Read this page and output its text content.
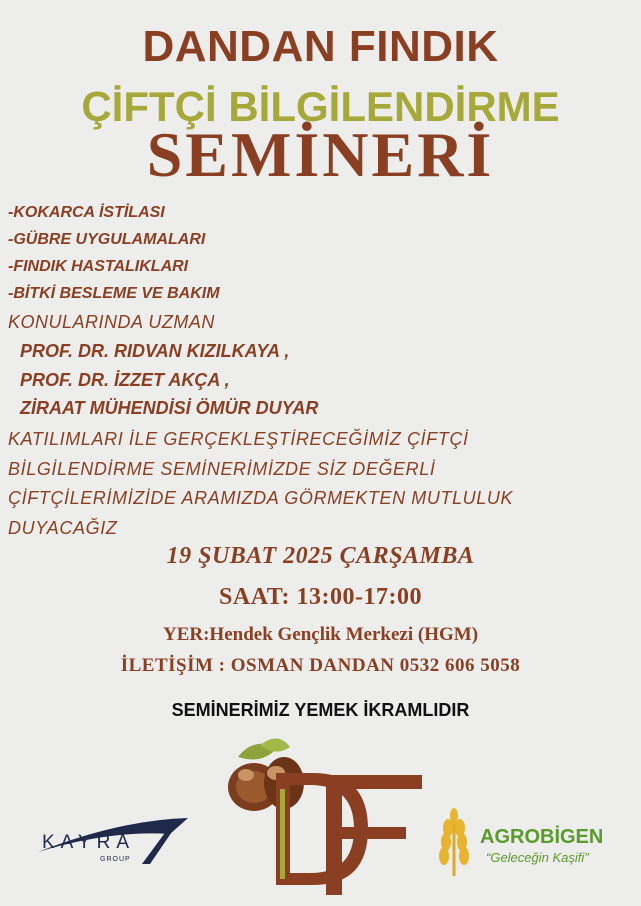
DANDAN FINDIK
SEMİNERİ
ÇİFTÇİ BİLGİLENDİRME
-KOKARCA İSTİLASI
-GÜBRE UYGULAMALARI
-FINDIK HASTALIKLARI
-BİTKİ BESLEME VE BAKIM
KONULARINDA UZMAN
PROF. DR. RIDVAN KIZILKAYA ,
PROF. DR. İZZET AKÇA ,
ZİRAAT MÜHENDİSİ ÖMÜR DUYAR
KATILIMLARI İLE GERÇEKLEŞTİRECEĞİMİZ ÇİFTÇİ
BİLGİLENDİRME SEMİNERİMİZDE SİZ DEĞERLİ
ÇİFTÇİLERİMİZİDE ARAMIZDA GÖRMEKTEN MUTLULUK
DUYACAĞIZ
19 ŞUBAT 2025 ÇARŞAMBA
SAAT: 13:00-17:00
YER:Hendek Gençlik Merkezi (HGM)
İLETİŞİM : OSMAN DANDAN 0532 606 5058
SEMİNERİMİZ YEMEK İKRAMLIDIR
KAYRA
GROUP
AGROBİGEN
“Geleceğin Kaşifi”
